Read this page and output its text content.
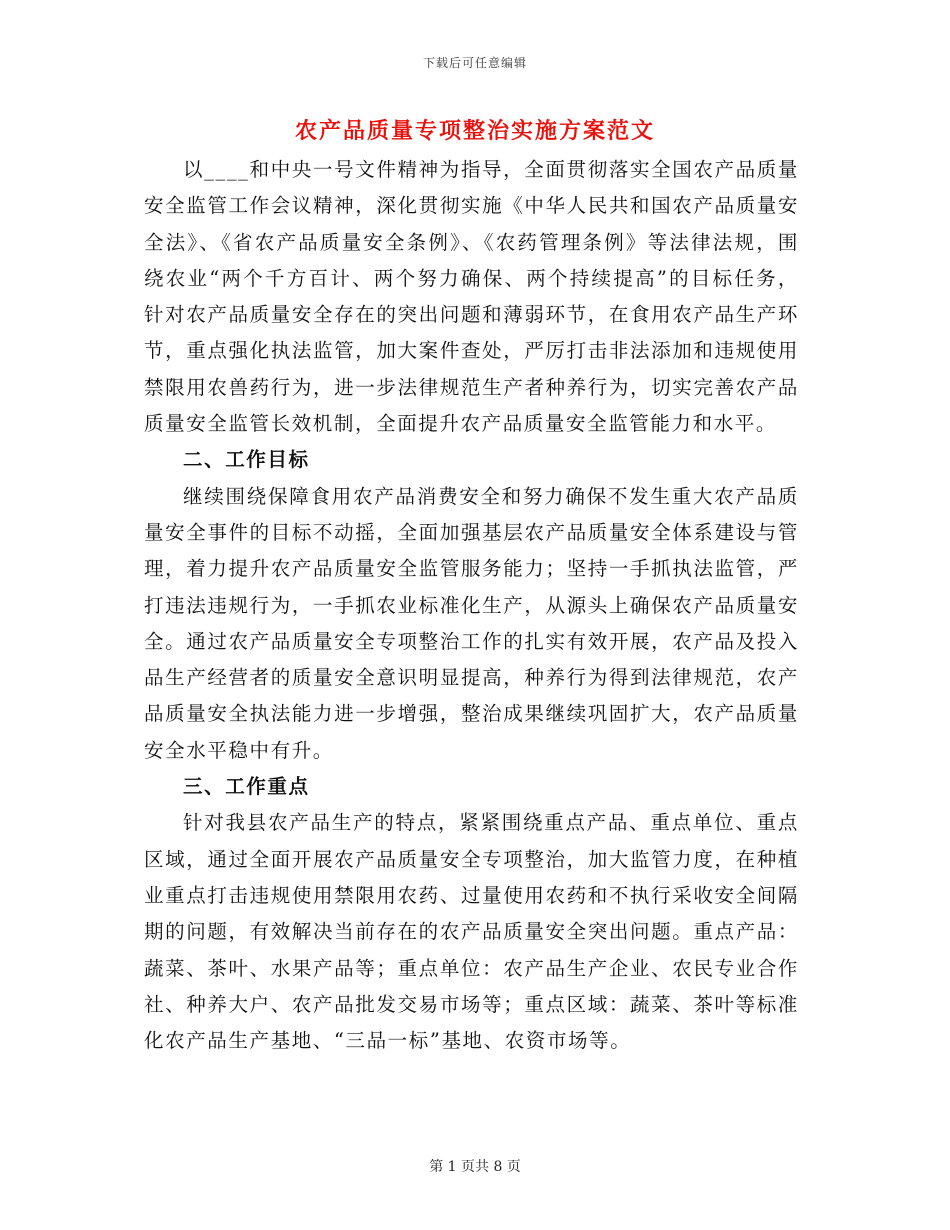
下载后可任意编辑
农产品质量专项整治实施方案范文

以____和中央一号文件精神为指导，全面贯彻落实全国农产品质量安全监管工作会议精神，深化贯彻实施《中华人民共和国农产品质量安全法》、《省农产品质量安全条例》、《农药管理条例》等法律法规，围绕农业“两个千方百计、两个努力确保、两个持续提高”的目标任务，针对农产品质量安全存在的突出问题和薄弱环节，在食用农产品生产环节，重点强化执法监管，加大案件查处，严厉打击非法添加和违规使用禁限用农兽药行为，进一步法律规范生产者种养行为，切实完善农产品质量安全监管长效机制，全面提升农产品质量安全监管能力和水平。

二、工作目标

继续围绕保障食用农产品消费安全和努力确保不发生重大农产品质量安全事件的目标不动摇，全面加强基层农产品质量安全体系建设与管理，着力提升农产品质量安全监管服务能力；坚持一手抓执法监管，严打违法违规行为，一手抓农业标准化生产，从源头上确保农产品质量安全。通过农产品质量安全专项整治工作的扎实有效开展，农产品及投入品生产经营者的质量安全意识明显提高，种养行为得到法律规范，农产品质量安全执法能力进一步增强，整治成果继续巩固扩大，农产品质量安全水平稳中有升。

三、工作重点

针对我县农产品生产的特点，紧紧围绕重点产品、重点单位、重点区域，通过全面开展农产品质量安全专项整治，加大监管力度，在种植业重点打击违规使用禁限用农药、过量使用农药和不执行采收安全间隔期的问题，有效解决当前存在的农产品质量安全突出问题。重点产品：蔬菜、茶叶、水果产品等；重点单位：农产品生产企业、农民专业合作社、种养大户、农产品批发交易市场等；重点区域：蔬菜、茶叶等标准化农产品生产基地、“三品一标”基地、农资市场等。

第 1 页共 8 页
